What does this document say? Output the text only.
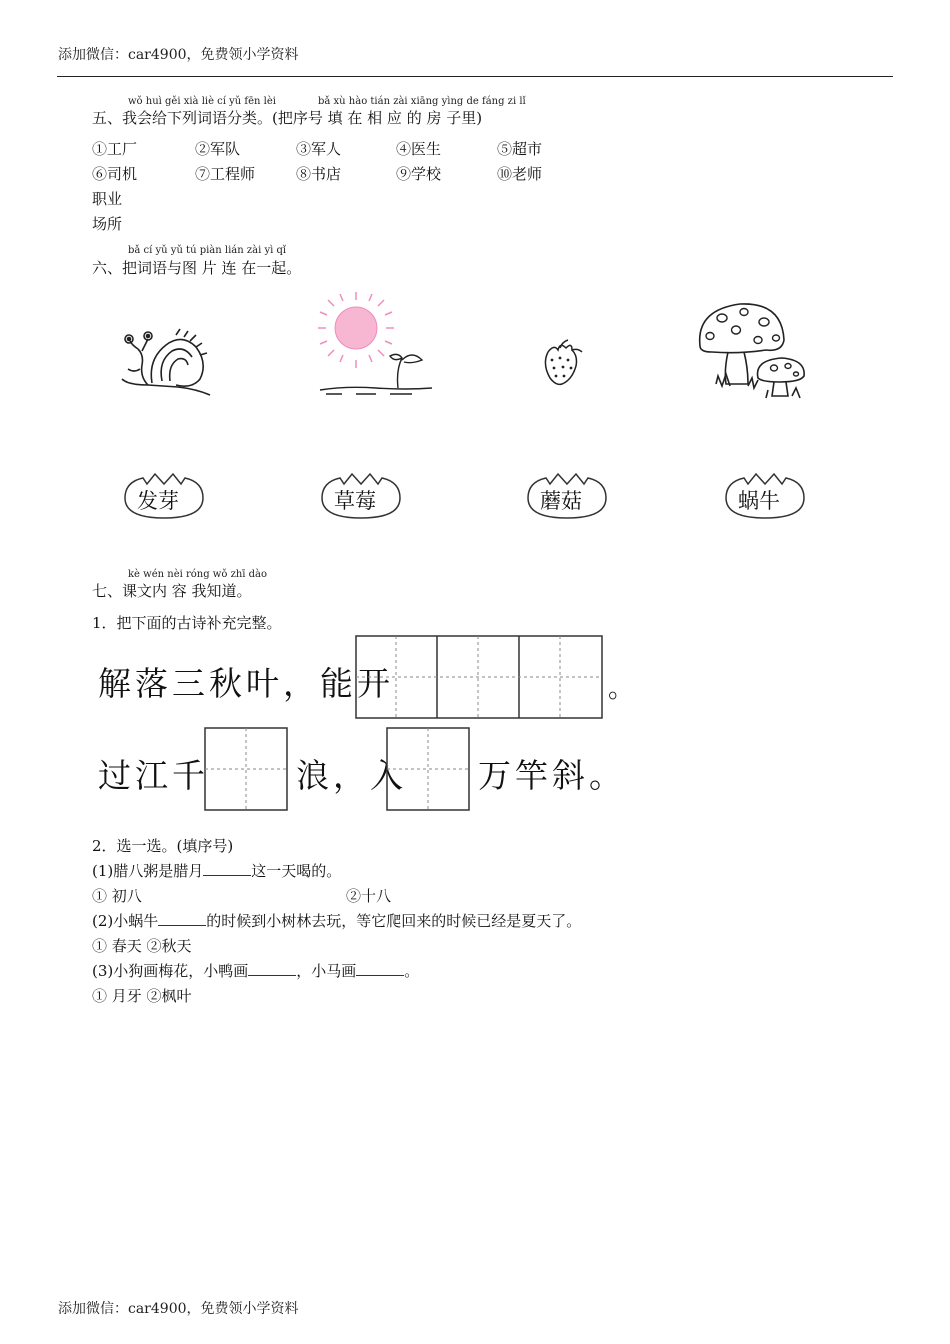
添加微信：car4900，免费领小学资料
wǒ huì gěi xià liè cí yǔ fēn lèi	bǎ xù hào tián zài xiāng yìng de fáng zi lǐ
五、我会给下列词语分类。(把序号 填 在 相 应 的 房 子里)
①工厂	②军队	③军人	④医生	⑤超市
⑥司机	⑦工程师	⑧书店	⑨学校	⑩老师
职业
场所
bǎ cí yǔ yǔ tú piàn lián zài yì qǐ
六、把词语与图 片 连 在一起。
发芽	草莓	蘑菇	蜗牛
kè wén nèi róng wǒ zhī dào
七、课文内 容 我知道。
1．把下面的古诗补充完整。
解落三秋叶，能开	。
过江千	浪，入 万竿斜。
2．选一选。(填序号)
(1)腊八粥是腊月	这一天喝的。
① 初八	②十八
(2)小蜗牛	的时候到小树林去玩，等它爬回来的时候已经是夏天了。
① 春天 ②秋天
(3)小狗画梅花，小鸭画	，小马画	。
① 月牙 ②枫叶
添加微信：car4900，免费领小学资料
